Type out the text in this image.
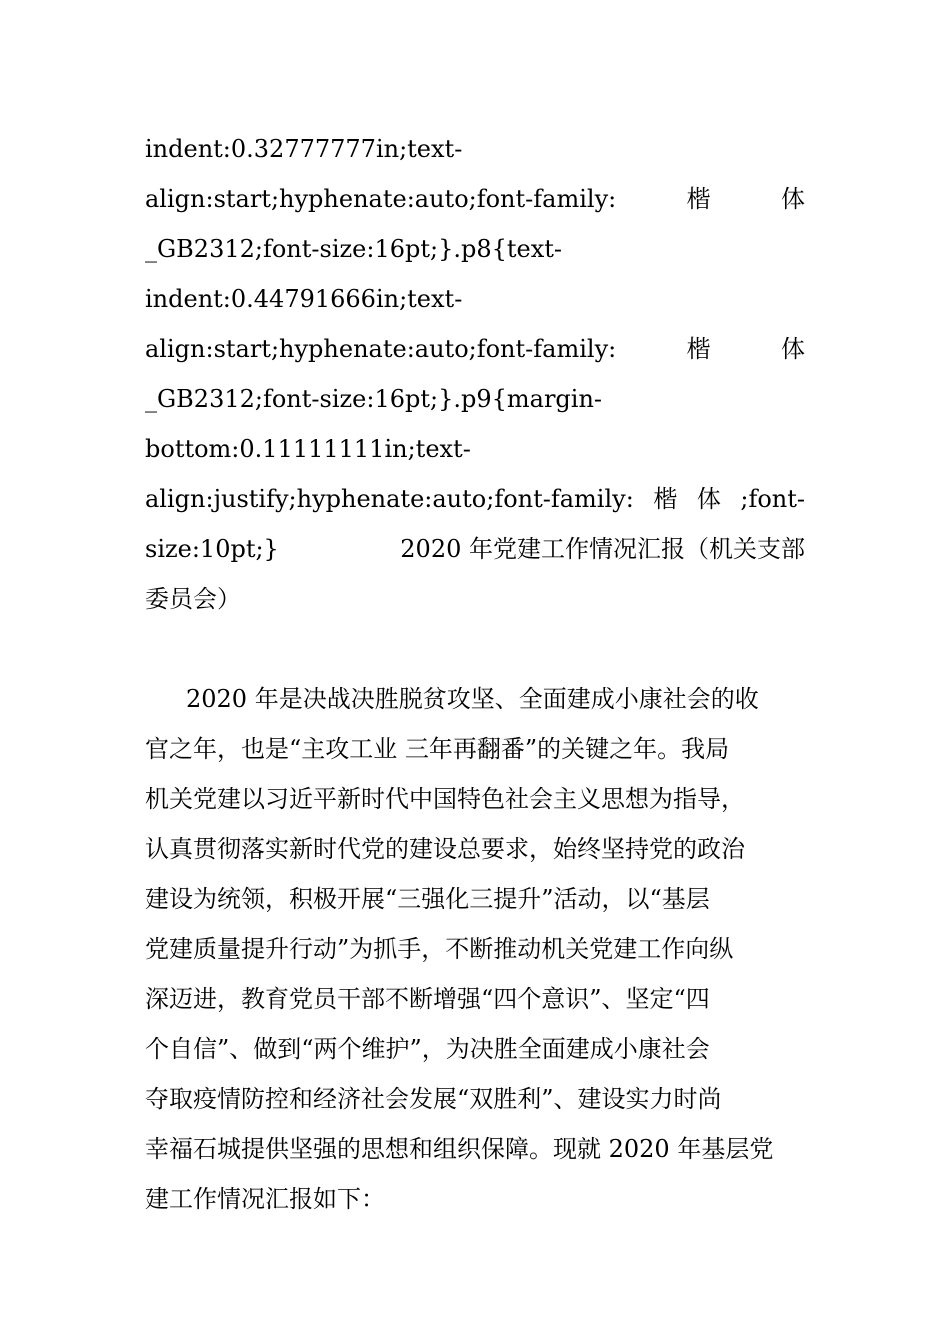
indent:0.32777777in;text-
align:start;hyphenate:auto;font-family:	楷	体
_GB2312;font-size:16pt;}.p8{text-
indent:0.44791666in;text-
align:start;hyphenate:auto;font-family:	楷	体
_GB2312;font-size:16pt;}.p9{margin-
bottom:0.11111111in;text-
align:justify;hyphenate:auto;font-family: 楷 体 ;font-
size:10pt;}	2020 年党建工作情况汇报（机关支部
委员会）
2020 年是决战决胜脱贫攻坚、全面建成小康社会的收
官之年，也是“主攻工业 三年再翻番”的关键之年。我局
机关党建以习近平新时代中国特色社会主义思想为指导，
认真贯彻落实新时代党的建设总要求，始终坚持党的政治
建设为统领，积极开展“三强化三提升”活动，以“基层
党建质量提升行动”为抓手，不断推动机关党建工作向纵
深迈进，教育党员干部不断增强“四个意识”、坚定“四
个自信”、做到“两个维护”，为决胜全面建成小康社会
夺取疫情防控和经济社会发展“双胜利”、建设实力时尚
幸福石城提供坚强的思想和组织保障。现就 2020 年基层党
建工作情况汇报如下：
